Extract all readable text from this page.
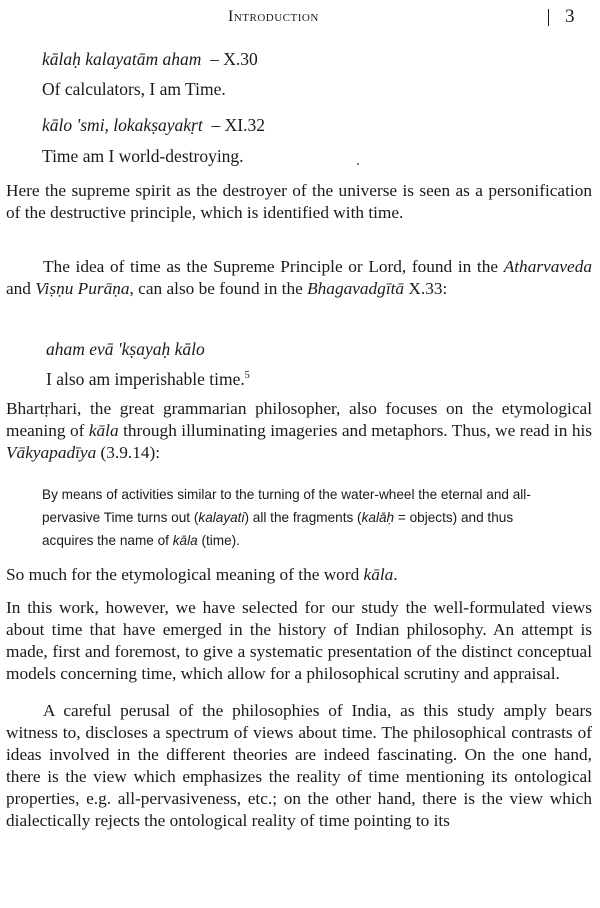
Introduction	3
kālaḥ kalayatām aham – X.30
Of calculators, I am Time.
kālo 'smi, lokakṣayakṛt – XI.32
Time am I world-destroying.
Here the supreme spirit as the destroyer of the universe is seen as a personification of the destructive principle, which is identified with time.
The idea of time as the Supreme Principle or Lord, found in the Atharvaveda and Viṣṇu Purāṇa, can also be found in the Bhagavadgītā X.33:
aham evā 'kṣayaḥ kālo
I also am imperishable time.$^5$
Bhartṛhari, the great grammarian philosopher, also focuses on the etymological meaning of kāla through illuminating imageries and metaphors. Thus, we read in his Vākyapadīya (3.9.14):
By means of activities similar to the turning of the water-wheel the eternal and all-pervasive Time turns out (kalayati) all the fragments (kalāḥ = objects) and thus acquires the name of kāla (time).
So much for the etymological meaning of the word kāla.
In this work, however, we have selected for our study the well-formulated views about time that have emerged in the history of Indian philosophy. An attempt is made, first and foremost, to give a systematic presentation of the distinct conceptual models concerning time, which allow for a philosophical scrutiny and appraisal.
A careful perusal of the philosophies of India, as this study amply bears witness to, discloses a spectrum of views about time. The philosophical contrasts of ideas involved in the different theories are indeed fascinating. On the one hand, there is the view which emphasizes the reality of time mentioning its ontological properties, e.g. all-pervasiveness, etc.; on the other hand, there is the view which dialectically rejects the ontological reality of time pointing to its
